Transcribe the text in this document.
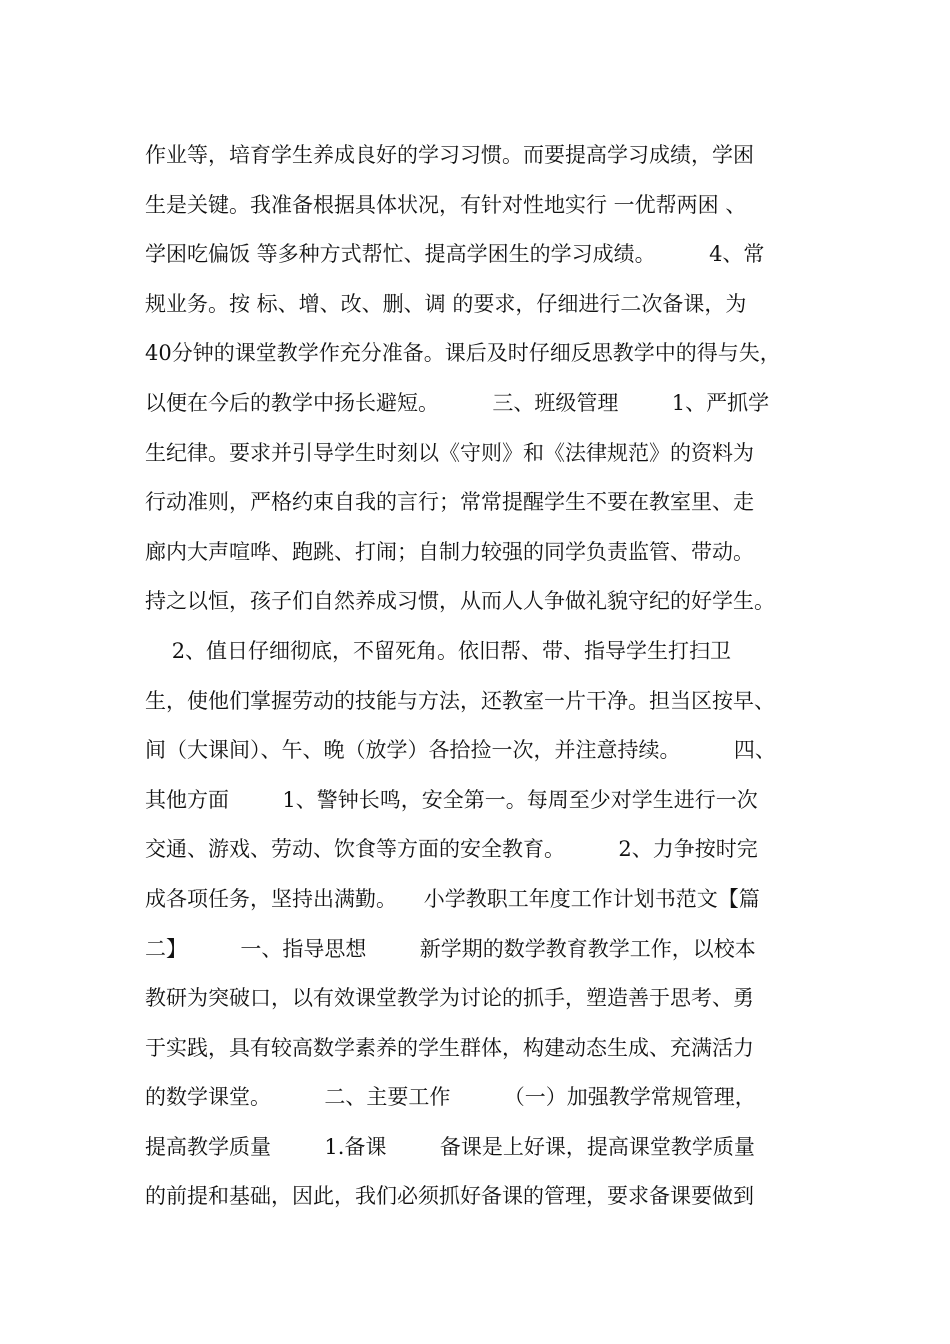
作业等，培育学生养成良好的学习习惯。而要提高学习成绩，学困
生是关键。我准备根据具体状况，有针对性地实行 一优帮两困 、
学困吃偏饭 等多种方式帮忙、提高学困生的学习成绩。        4、常
规业务。按 标、增、改、删、调 的要求，仔细进行二次备课，为
40分钟的课堂教学作充分准备。课后及时仔细反思教学中的得与失，
以便在今后的教学中扬长避短。        三、班级管理        1、严抓学
生纪律。要求并引导学生时刻以《守则》和《法律规范》的资料为
行动准则，严格约束自我的言行；常常提醒学生不要在教室里、走
廊内大声喧哗、跑跳、打闹；自制力较强的同学负责监管、带动。
持之以恒，孩子们自然养成习惯，从而人人争做礼貌守纪的好学生。
2、值日仔细彻底，不留死角。依旧帮、带、指导学生打扫卫
生，使他们掌握劳动的技能与方法，还教室一片干净。担当区按早、
间（大课间）、午、晚（放学）各拾捡一次，并注意持续。        四、
其他方面        1、警钟长鸣，安全第一。每周至少对学生进行一次
交通、游戏、劳动、饮食等方面的安全教育。        2、力争按时完
成各项任务，坚持出满勤。    小学教职工年度工作计划书范文【篇
二】        一、指导思想        新学期的数学教育教学工作，以校本
教研为突破口，以有效课堂教学为讨论的抓手，塑造善于思考、勇
于实践，具有较高数学素养的学生群体，构建动态生成、充满活力
的数学课堂。        二、主要工作        （一）加强教学常规管理，
提高教学质量        1.备课        备课是上好课，提高课堂教学质量
的前提和基础，因此，我们必须抓好备课的管理，要求备课要做到
